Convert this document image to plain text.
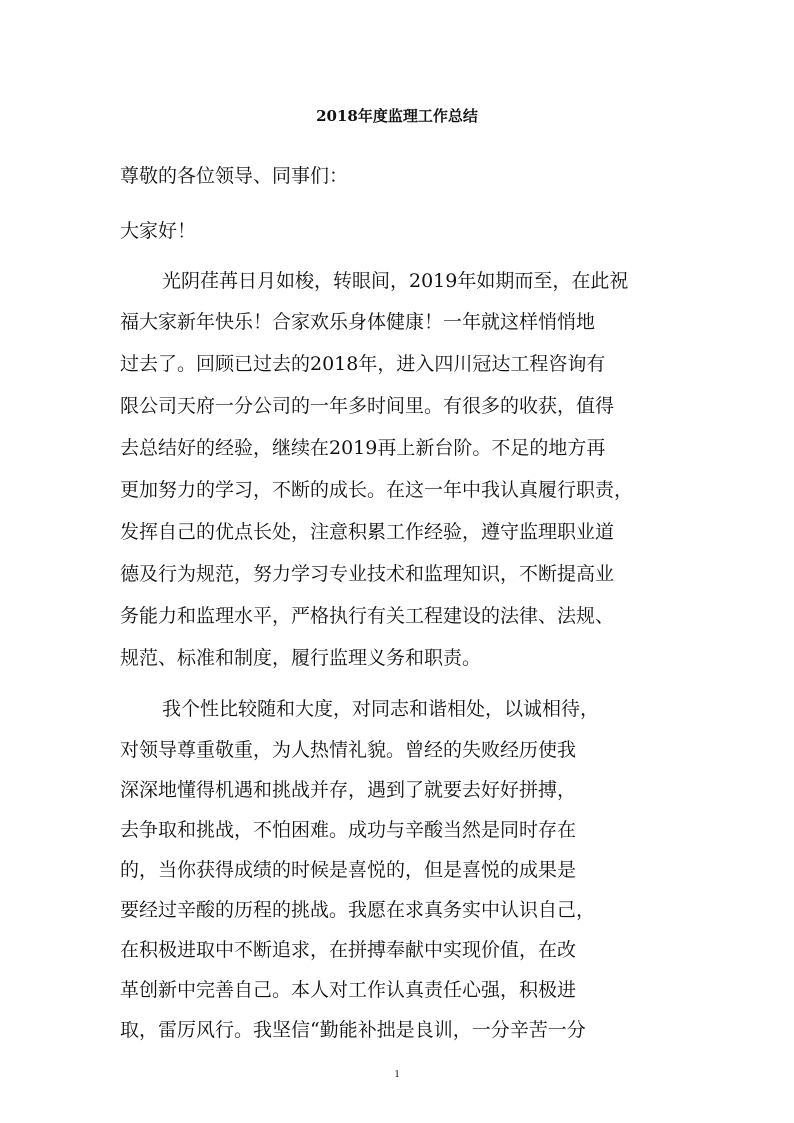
2018年度监理工作总结

尊敬的各位领导、同事们：

大家好！

光阴荏苒日月如梭，转眼间，2019年如期而至，在此祝

福大家新年快乐！合家欢乐身体健康！一年就这样悄悄地

过去了。回顾已过去的2018年，进入四川冠达工程咨询有

限公司天府一分公司的一年多时间里。有很多的收获，值得

去总结好的经验，继续在2019再上新台阶。不足的地方再

更加努力的学习，不断的成长。在这一年中我认真履行职责，

发挥自己的优点长处，注意积累工作经验，遵守监理职业道

德及行为规范，努力学习专业技术和监理知识，不断提高业

务能力和监理水平，严格执行有关工程建设的法律、法规、

规范、标准和制度，履行监理义务和职责。

我个性比较随和大度，对同志和谐相处，以诚相待，

对领导尊重敬重，为人热情礼貌。曾经的失败经历使我

深深地懂得机遇和挑战并存，遇到了就要去好好拼搏，

去争取和挑战，不怕困难。成功与辛酸当然是同时存在

的，当你获得成绩的时候是喜悦的，但是喜悦的成果是

要经过辛酸的历程的挑战。我愿在求真务实中认识自己，

在积极进取中不断追求，在拼搏奉献中实现价值，在改

革创新中完善自己。本人对工作认真责任心强，积极进

取，雷厉风行。我坚信“勤能补拙是良训，一分辛苦一分

1
